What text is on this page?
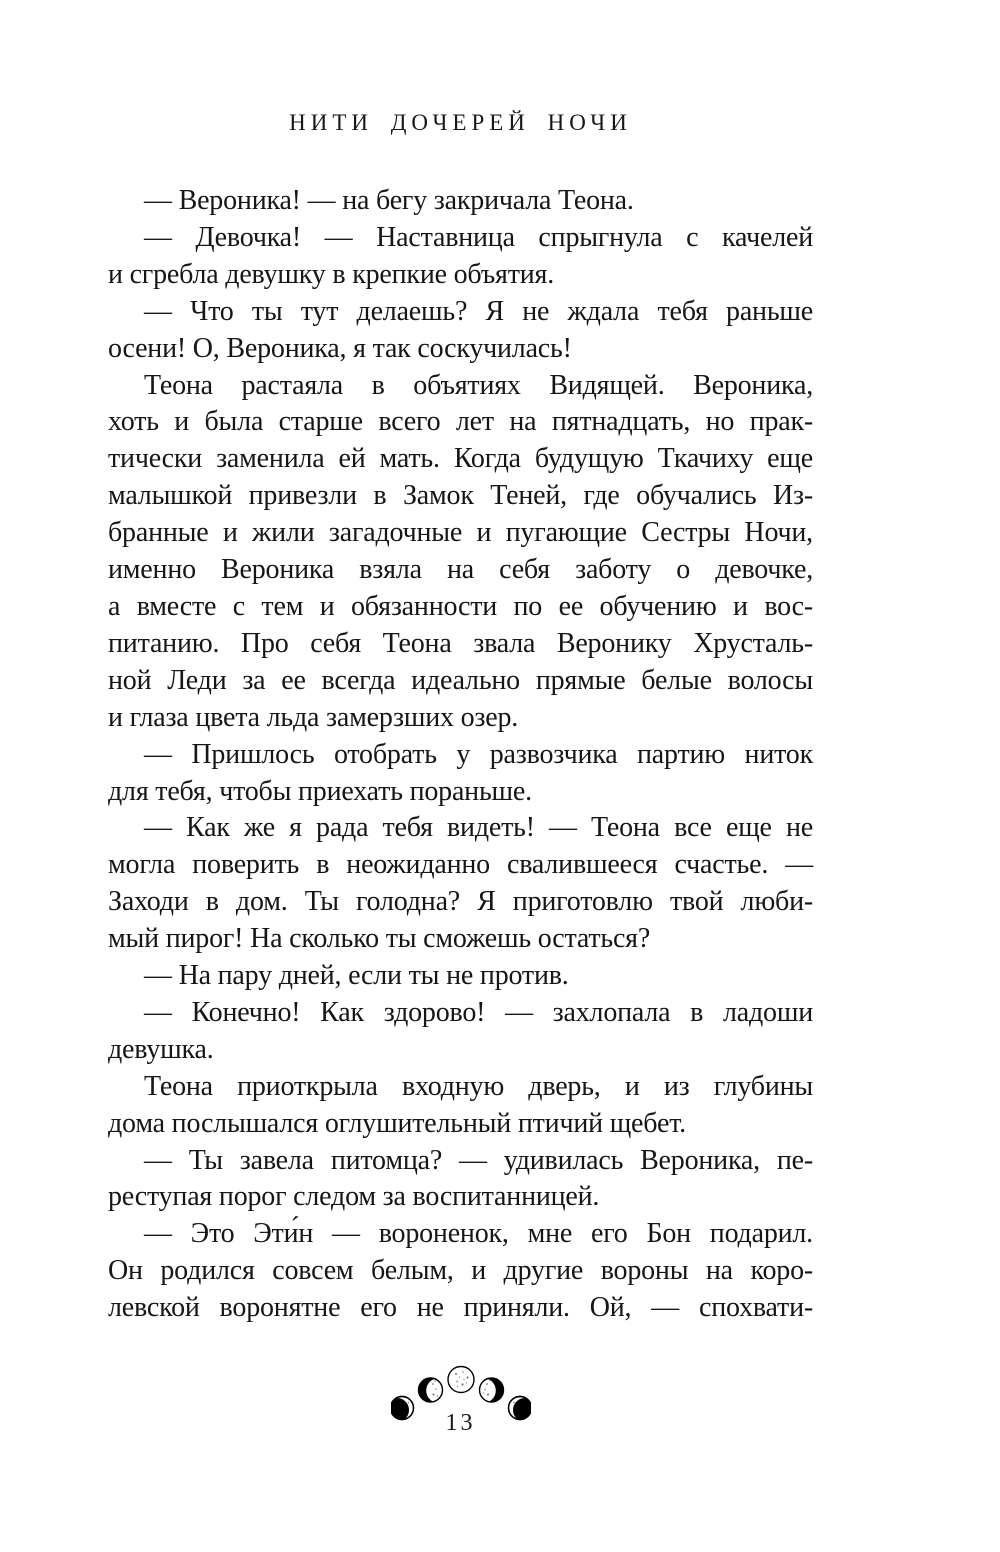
НИТИ ДОЧЕРЕЙ НОЧИ
— Вероника! — на бегу закричала Теона.
— Девочка! — Наставница спрыгнула с качелей
и сгребла девушку в крепкие объятия.
— Что ты тут делаешь? Я не ждала тебя раньше
осени! О, Вероника, я так соскучилась!
Теона растаяла в объятиях Видящей. Вероника,
хоть и была старше всего лет на пятнадцать, но прак-
тически заменила ей мать. Когда будущую Ткачиху еще
малышкой привезли в Замок Теней, где обучались Из-
бранные и жили загадочные и пугающие Сестры Ночи,
именно Вероника взяла на себя заботу о девочке,
а вместе с тем и обязанности по ее обучению и вос-
питанию. Про себя Теона звала Веронику Хрусталь-
ной Леди за ее всегда идеально прямые белые волосы
и глаза цвета льда замерзших озер.
— Пришлось отобрать у развозчика партию ниток
для тебя, чтобы приехать пораньше.
— Как же я рада тебя видеть! — Теона все еще не
могла поверить в неожиданно свалившееся счастье. —
Заходи в дом. Ты голодна? Я приготовлю твой люби-
мый пирог! На сколько ты сможешь остаться?
— На пару дней, если ты не против.
— Конечно! Как здорово! — захлопала в ладоши
девушка.
Теона приоткрыла входную дверь, и из глубины
дома послышался оглушительный птичий щебет.
— Ты завела питомца? — удивилась Вероника, пе-
реступая порог следом за воспитанницей.
— Это Эти́н — вороненок, мне его Бон подарил.
Он родился совсем белым, и другие вороны на коро-
левской воронятне его не приняли. Ой, — спохвати-
13
